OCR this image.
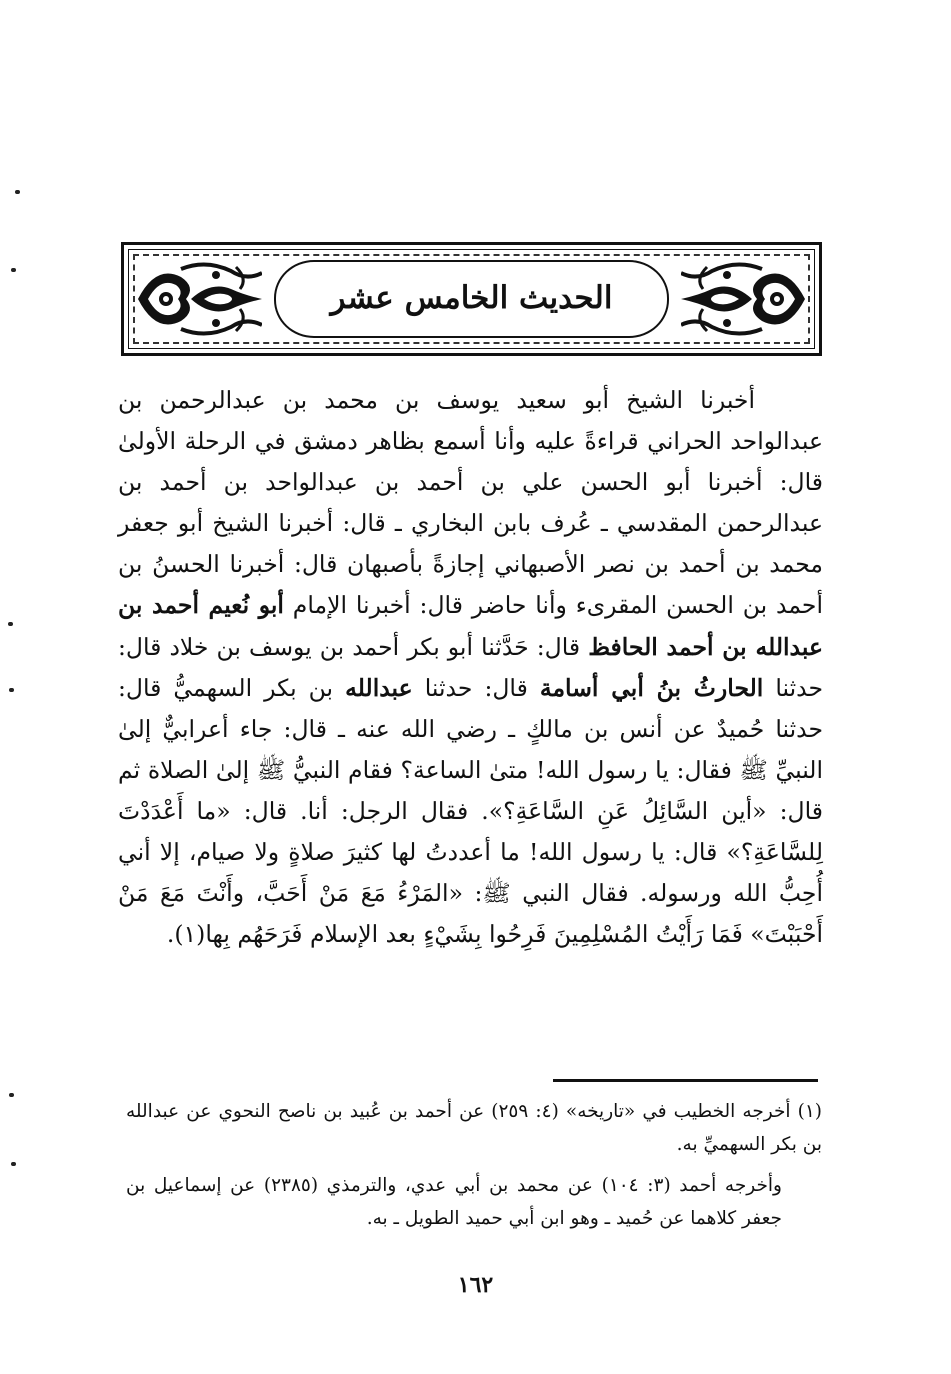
الحديث الخامس عشر

أخبرنا الشيخ أبو سعيد يوسف بن محمد بن عبدالرحمن بن عبدالواحد الحراني قراءةً عليه وأنا أسمع بظاهر دمشق في الرحلة الأولىٰ قال: أخبرنا أبو الحسن علي بن أحمد بن عبدالواحد بن أحمد بن عبدالرحمن المقدسي ـ عُرف بابن البخاري ـ قال: أخبرنا الشيخ أبو جعفر محمد بن أحمد بن نصر الأصبهاني إجازةً بأصبهان قال: أخبرنا الحسنُ بن أحمد بن الحسن المقرىء وأنا حاضر قال: أخبرنا الإمام أبو نُعيم أحمد بن عبدالله بن أحمد الحافظ قال: حَدَّثنا أبو بكر أحمد بن يوسف بن خلاد قال: حدثنا الحارثُ بنُ أبي أسامة قال: حدثنا عبدالله بن بكر السهميُّ قال: حدثنا حُميدٌ عن أنس بن مالكٍ ـ رضي الله عنه ـ قال: جاء أعرابيٌّ إلىٰ النبيِّ ﷺ فقال: يا رسول الله! متىٰ الساعة؟ فقام النبيُّ ﷺ إلىٰ الصلاة ثم قال: «أين السَّائِلُ عَنِ السَّاعَةِ؟». فقال الرجل: أنا. قال: «ما أَعْدَدْتَ لِلسَّاعَةِ؟» قال: يا رسول الله! ما أعددتُ لها كثيرَ صلاةٍ ولا صيام، إلا أني أُحِبُّ الله ورسوله. فقال النبي ﷺ: «المَرْءُ مَعَ مَنْ أَحَبَّ، وأَنْتَ مَعَ مَنْ أَحْبَبْتَ» فَمَا رَأَيْتُ المُسْلِمِينَ فَرِحُوا بِشَيْءٍ بعد الإسلام فَرَحَهُم بِها(١).

(١) أخرجه الخطيب في «تاريخه» (٤: ٢٥٩) عن أحمد بن عُبيد بن ناصح النحوي عن عبدالله بن بكر السهميِّ به.

وأخرجه أحمد (٣: ١٠٤) عن محمد بن أبي عدي، والترمذي (٢٣٨٥) عن إسماعيل بن جعفر كلاهما عن حُميد ـ وهو ابن أبي حميد الطويل ـ به.

١٦٢
